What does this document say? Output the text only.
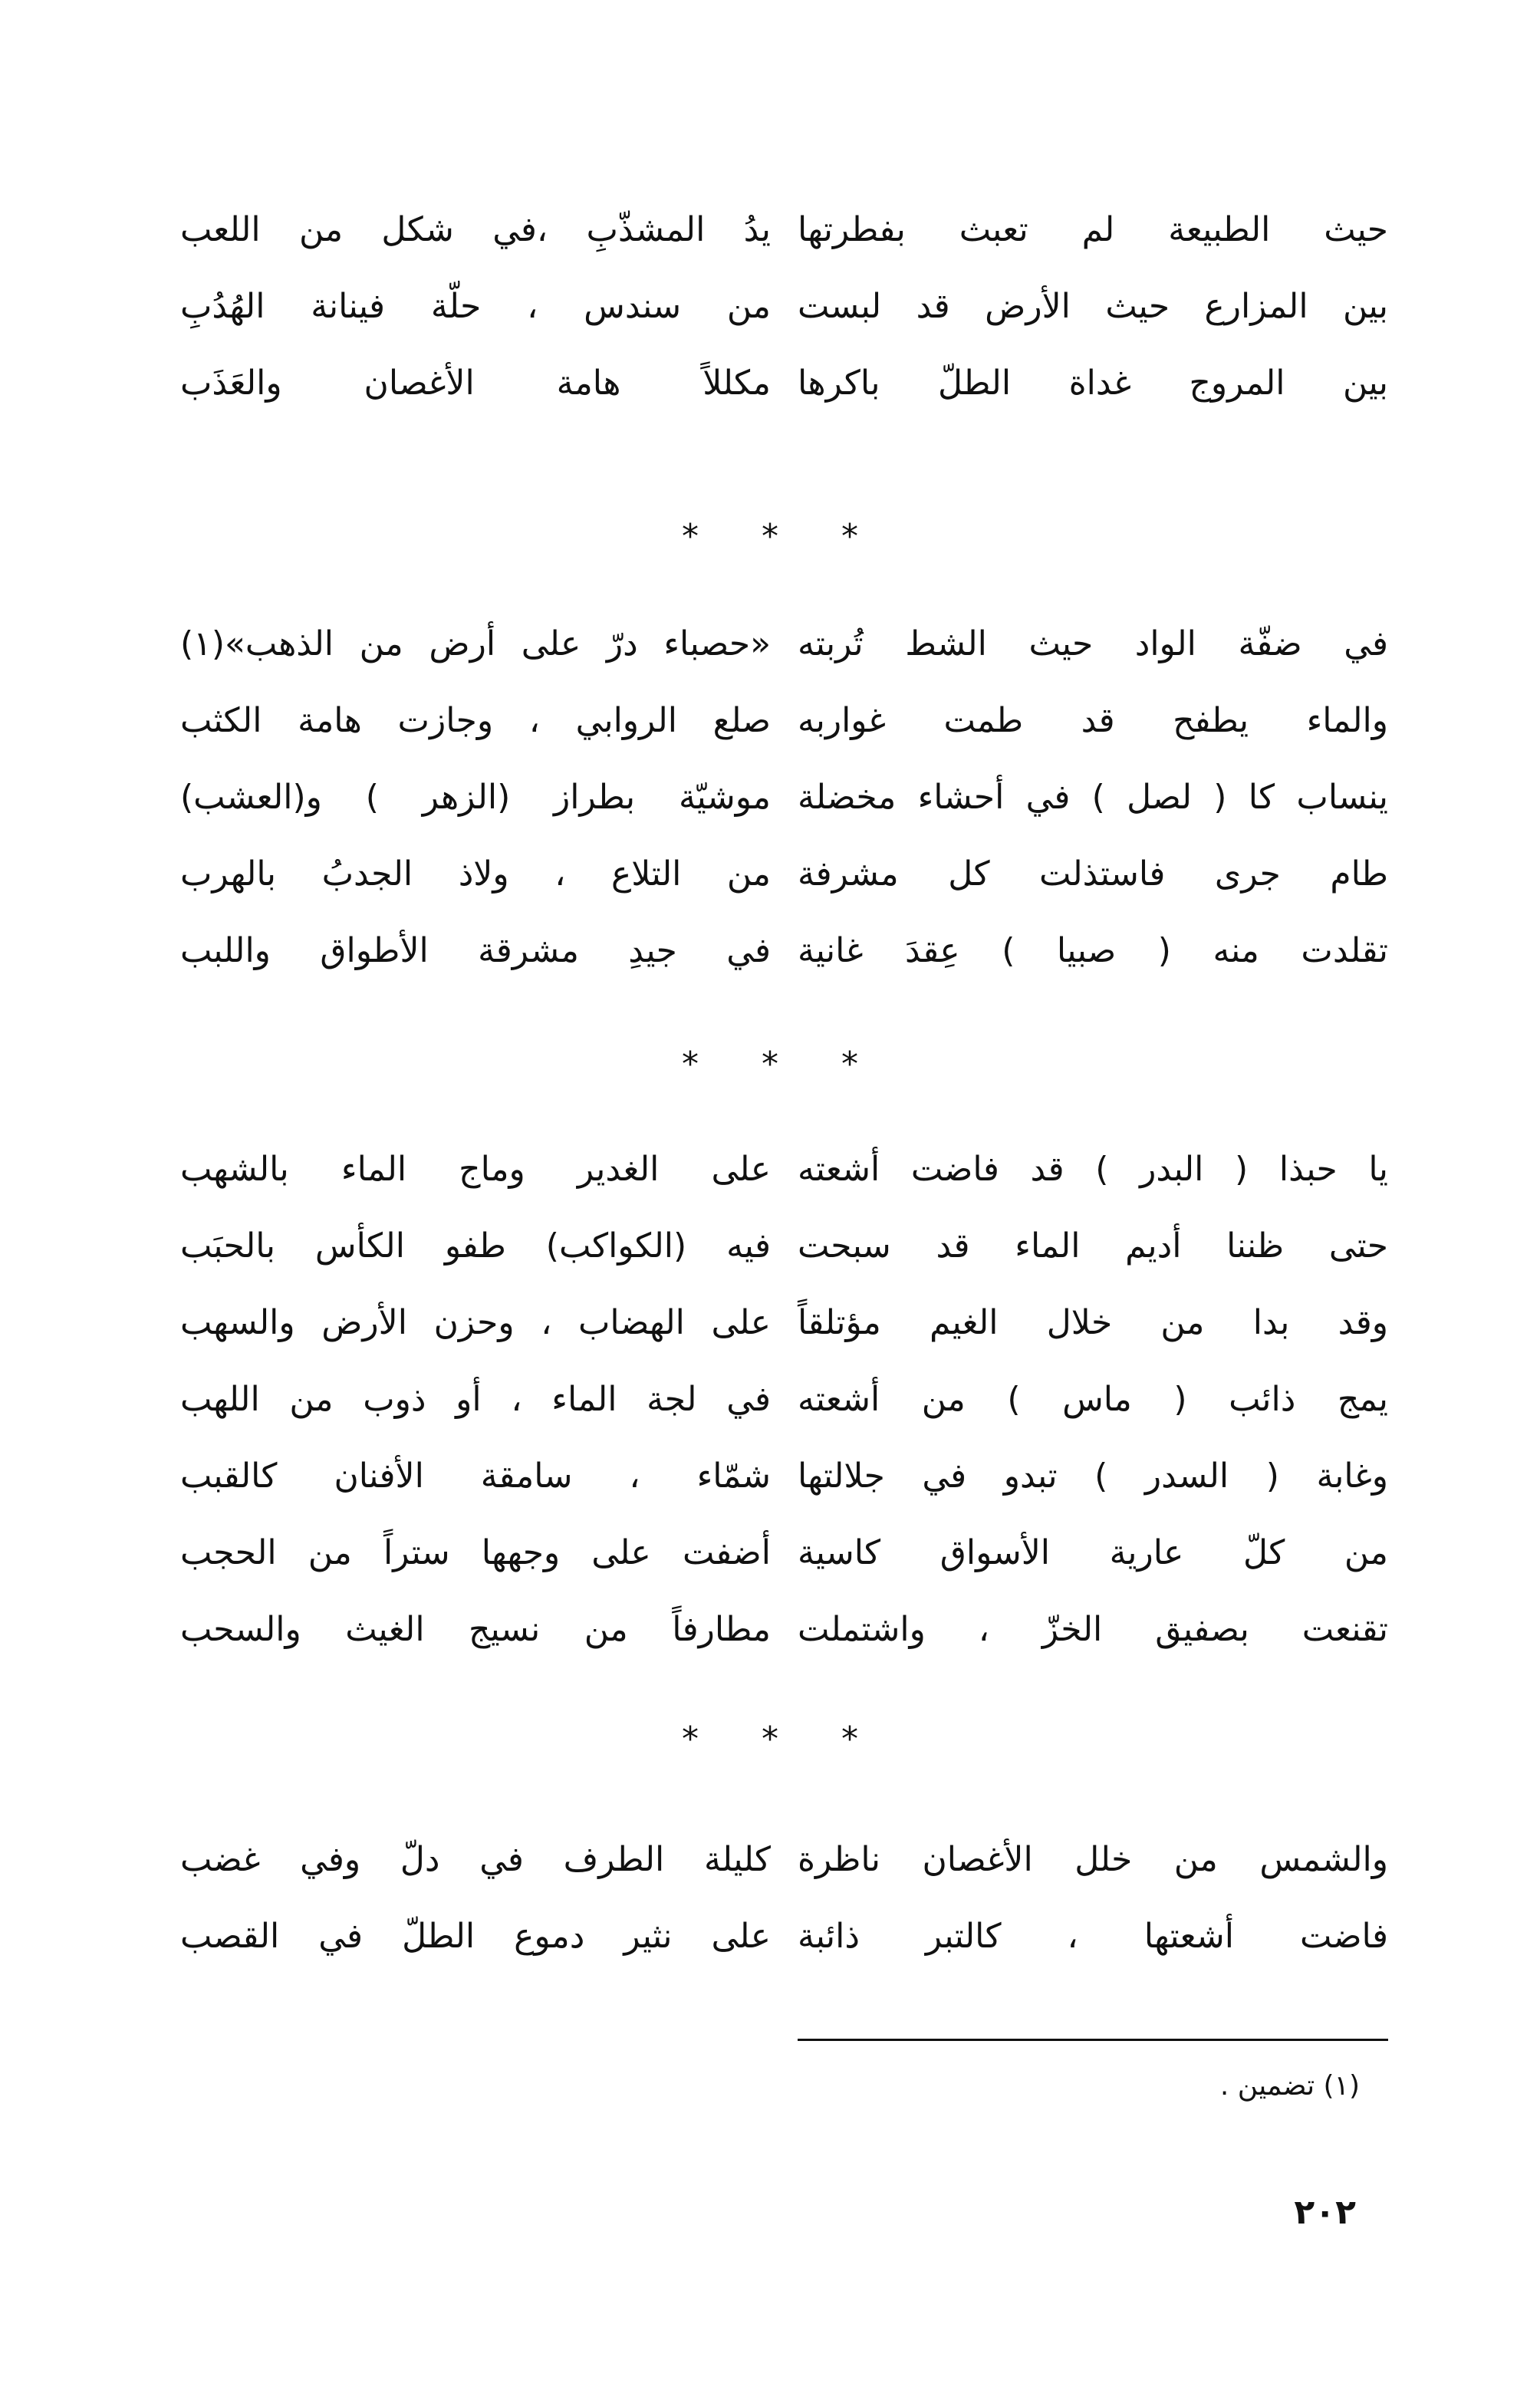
حيث الطبيعة لم تعبث بفطرتها
يدُ المشذّبِ ،في شكل من اللعب
بين المزارع حيث الأرض قد لبست
من سندس ، حلّة فينانة الهُدُبِ
بين المروج غداة الطلّ باكرها
مكللاً هامة الأغصان والعَذَب
* * *
في ضفّة الواد حيث الشط تُربته
«حصباء درّ على أرض من الذهب»(١)
والماء يطفح قد طمت غواربه
صلع الروابي ، وجازت هامة الكثب
ينساب كا ( لصل ) في أحشاء مخضلة
موشيّة بطراز (الزهر ) و(العشب)
طام جرى فاستذلت كل مشرفة
من التلاع ، ولاذ الجدبُ بالهرب
تقلدت منه ( صبيا ) عِقدَ غانية
في جيدِ مشرقة الأطواق واللبب
* * *
يا حبذا ( البدر ) قد فاضت أشعته
على الغدير وماج الماء بالشهب
حتى ظننا أديم الماء قد سبحت
فيه (الكواكب) طفو الكأس بالحبَب
وقد بدا من خلال الغيم مؤتلقاً
على الهضاب ، وحزن الأرض والسهب
يمج ذائب ( ماس ) من أشعته
في لجة الماء ، أو ذوب من اللهب
وغابة ( السدر ) تبدو في جلالتها
شمّاء ، سامقة الأفنان كالقبب
من كلّ عارية الأسواق كاسية
أضفت على وجهها ستراً من الحجب
تقنعت بصفيق الخزّ ، واشتملت
مطارفاً من نسيج الغيث والسحب
* * *
والشمس من خلل الأغصان ناظرة
كليلة الطرف في دلّ وفي غضب
فاضت أشعتها ، كالتبر ذائبة
على نثير دموع الطلّ في القصب
(١) تضمين .
٢٠٢
